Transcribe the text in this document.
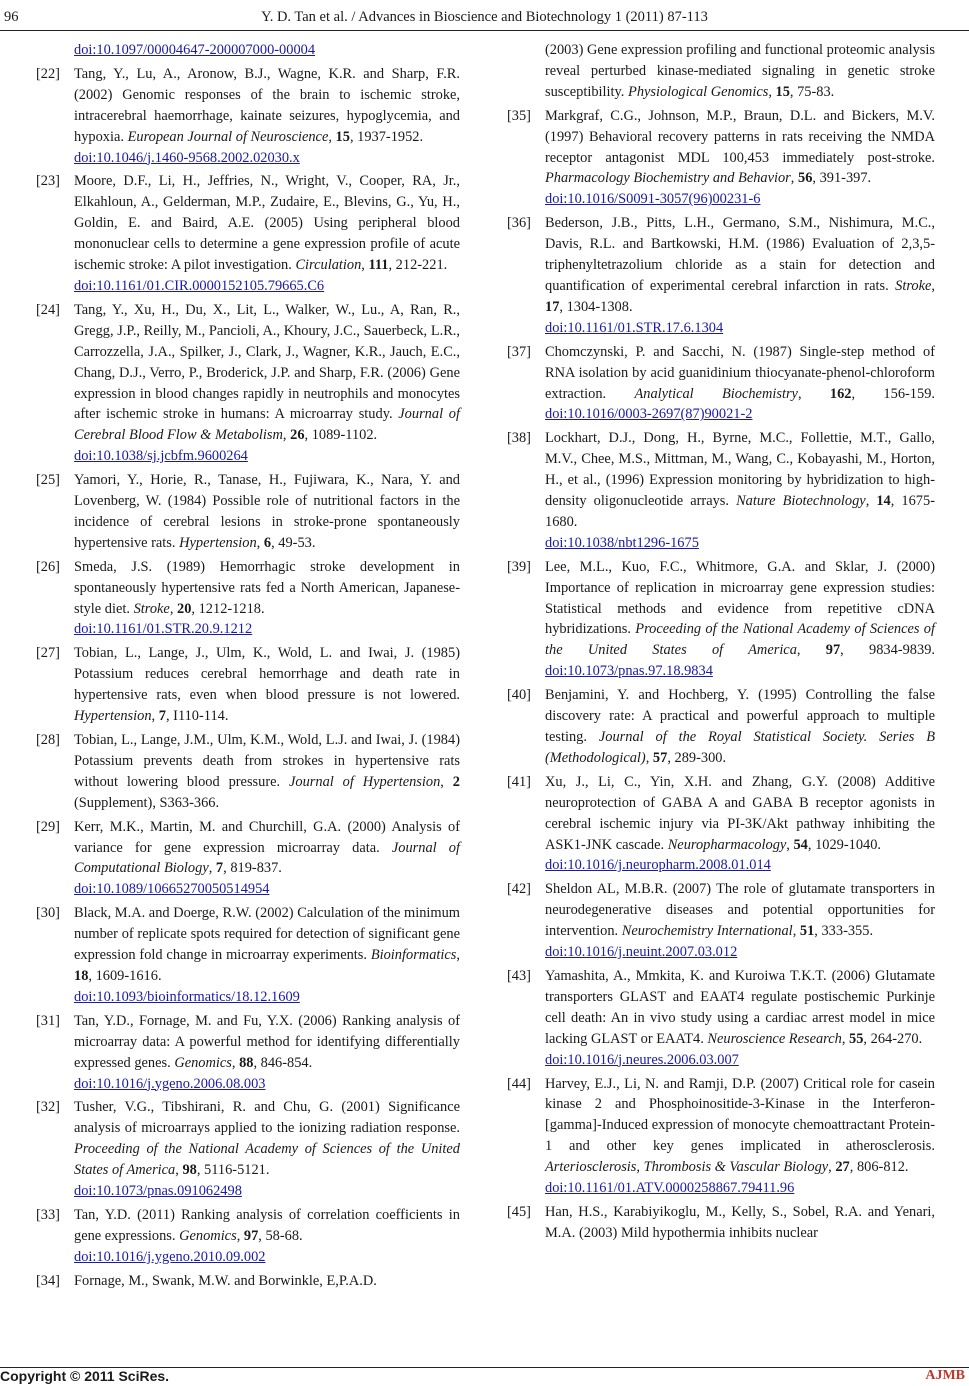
96	Y. D. Tan et al. / Advances in Bioscience and Biotechnology 1 (2011) 87-113
doi:10.1097/00004647-200007000-00004
[22] Tang, Y., Lu, A., Aronow, B.J., Wagne, K.R. and Sharp, F.R. (2002) Genomic responses of the brain to ischemic stroke, intracerebral haemorrhage, kainate seizures, hypoglycemia, and hypoxia. European Journal of Neuroscience, 15, 1937-1952.
doi:10.1046/j.1460-9568.2002.02030.x
[23] Moore, D.F., Li, H., Jeffries, N., Wright, V., Cooper, RA, Jr., Elkahloun, A., Gelderman, M.P., Zudaire, E., Blevins, G., Yu, H., Goldin, E. and Baird, A.E. (2005) Using peripheral blood mononuclear cells to determine a gene expression profile of acute ischemic stroke: A pilot investigation. Circulation, 111, 212-221.
doi:10.1161/01.CIR.0000152105.79665.C6
[24] Tang, Y., Xu, H., Du, X., Lit, L., Walker, W., Lu., A, Ran, R., Gregg, J.P., Reilly, M., Pancioli, A., Khoury, J.C., Sauerbeck, L.R., Carrozzella, J.A., Spilker, J., Clark, J., Wagner, K.R., Jauch, E.C., Chang, D.J., Verro, P., Broderick, J.P. and Sharp, F.R. (2006) Gene expression in blood changes rapidly in neutrophils and monocytes after ischemic stroke in humans: A microarray study. Journal of Cerebral Blood Flow & Metabolism, 26, 1089-1102.
doi:10.1038/sj.jcbfm.9600264
[25] Yamori, Y., Horie, R., Tanase, H., Fujiwara, K., Nara, Y. and Lovenberg, W. (1984) Possible role of nutritional factors in the incidence of cerebral lesions in stroke-prone spontaneously hypertensive rats. Hypertension, 6, 49-53.
[26] Smeda, J.S. (1989) Hemorrhagic stroke development in spontaneously hypertensive rats fed a North American, Japanese-style diet. Stroke, 20, 1212-1218.
doi:10.1161/01.STR.20.9.1212
[27] Tobian, L., Lange, J., Ulm, K., Wold, L. and Iwai, J. (1985) Potassium reduces cerebral hemorrhage and death rate in hypertensive rats, even when blood pressure is not lowered. Hypertension, 7, I110-114.
[28] Tobian, L., Lange, J.M., Ulm, K.M., Wold, L.J. and Iwai, J. (1984) Potassium prevents death from strokes in hypertensive rats without lowering blood pressure. Journal of Hypertension, 2 (Supplement), S363-366.
[29] Kerr, M.K., Martin, M. and Churchill, G.A. (2000) Analysis of variance for gene expression microarray data. Journal of Computational Biology, 7, 819-837.
doi:10.1089/10665270050514954
[30] Black, M.A. and Doerge, R.W. (2002) Calculation of the minimum number of replicate spots required for detection of significant gene expression fold change in microarray experiments. Bioinformatics, 18, 1609-1616.
doi:10.1093/bioinformatics/18.12.1609
[31] Tan, Y.D., Fornage, M. and Fu, Y.X. (2006) Ranking analysis of microarray data: A powerful method for identifying differentially expressed genes. Genomics, 88, 846-854.
doi:10.1016/j.ygeno.2006.08.003
[32] Tusher, V.G., Tibshirani, R. and Chu, G. (2001) Significance analysis of microarrays applied to the ionizing radiation response. Proceeding of the National Academy of Sciences of the United States of America, 98, 5116-5121.
doi:10.1073/pnas.091062498
[33] Tan, Y.D. (2011) Ranking analysis of correlation coefficients in gene expressions. Genomics, 97, 58-68.
doi:10.1016/j.ygeno.2010.09.002
[34] Fornage, M., Swank, M.W. and Borwinkle, E,P.A.D.
(2003) Gene expression profiling and functional proteomic analysis reveal perturbed kinase-mediated signaling in genetic stroke susceptibility. Physiological Genomics, 15, 75-83.
[35] Markgraf, C.G., Johnson, M.P., Braun, D.L. and Bickers, M.V. (1997) Behavioral recovery patterns in rats receiving the NMDA receptor antagonist MDL 100,453 immediately post-stroke. Pharmacology Biochemistry and Behavior, 56, 391-397.
doi:10.1016/S0091-3057(96)00231-6
[36] Bederson, J.B., Pitts, L.H., Germano, S.M., Nishimura, M.C., Davis, R.L. and Bartkowski, H.M. (1986) Evaluation of 2,3,5-triphenyltetrazolium chloride as a stain for detection and quantification of experimental cerebral infarction in rats. Stroke, 17, 1304-1308.
doi:10.1161/01.STR.17.6.1304
[37] Chomczynski, P. and Sacchi, N. (1987) Single-step method of RNA isolation by acid guanidinium thiocyanate-phenol-chloroform extraction. Analytical Biochemistry, 162, 156-159. doi:10.1016/0003-2697(87)90021-2
[38] Lockhart, D.J., Dong, H., Byrne, M.C., Follettie, M.T., Gallo, M.V., Chee, M.S., Mittman, M., Wang, C., Kobayashi, M., Horton, H., et al., (1996) Expression monitoring by hybridization to high-density oligonucleotide arrays. Nature Biotechnology, 14, 1675-1680.
doi:10.1038/nbt1296-1675
[39] Lee, M.L., Kuo, F.C., Whitmore, G.A. and Sklar, J. (2000) Importance of replication in microarray gene expression studies: Statistical methods and evidence from repetitive cDNA hybridizations. Proceeding of the National Academy of Sciences of the United States of America, 97, 9834-9839. doi:10.1073/pnas.97.18.9834
[40] Benjamini, Y. and Hochberg, Y. (1995) Controlling the false discovery rate: A practical and powerful approach to multiple testing. Journal of the Royal Statistical Society. Series B (Methodological), 57, 289-300.
[41] Xu, J., Li, C., Yin, X.H. and Zhang, G.Y. (2008) Additive neuroprotection of GABA A and GABA B receptor agonists in cerebral ischemic injury via PI-3K/Akt pathway inhibiting the ASK1-JNK cascade. Neuropharmacology, 54, 1029-1040.
doi:10.1016/j.neuropharm.2008.01.014
[42] Sheldon AL, M.B.R. (2007) The role of glutamate transporters in neurodegenerative diseases and potential opportunities for intervention. Neurochemistry International, 51, 333-355.
doi:10.1016/j.neuint.2007.03.012
[43] Yamashita, A., Mmkita, K. and Kuroiwa T.K.T. (2006) Glutamate transporters GLAST and EAAT4 regulate postischemic Purkinje cell death: An in vivo study using a cardiac arrest model in mice lacking GLAST or EAAT4. Neuroscience Research, 55, 264-270.
doi:10.1016/j.neures.2006.03.007
[44] Harvey, E.J., Li, N. and Ramji, D.P. (2007) Critical role for casein kinase 2 and Phosphoinositide-3-Kinase in the Interferon-[gamma]-Induced expression of monocyte chemoattractant Protein-1 and other key genes implicated in atherosclerosis. Arteriosclerosis, Thrombosis & Vascular Biology, 27, 806-812.
doi:10.1161/01.ATV.0000258867.79411.96
[45] Han, H.S., Karabiyikoglu, M., Kelly, S., Sobel, R.A. and Yenari, M.A. (2003) Mild hypothermia inhibits nuclear
Copyright © 2011 SciRes.	AJMB
